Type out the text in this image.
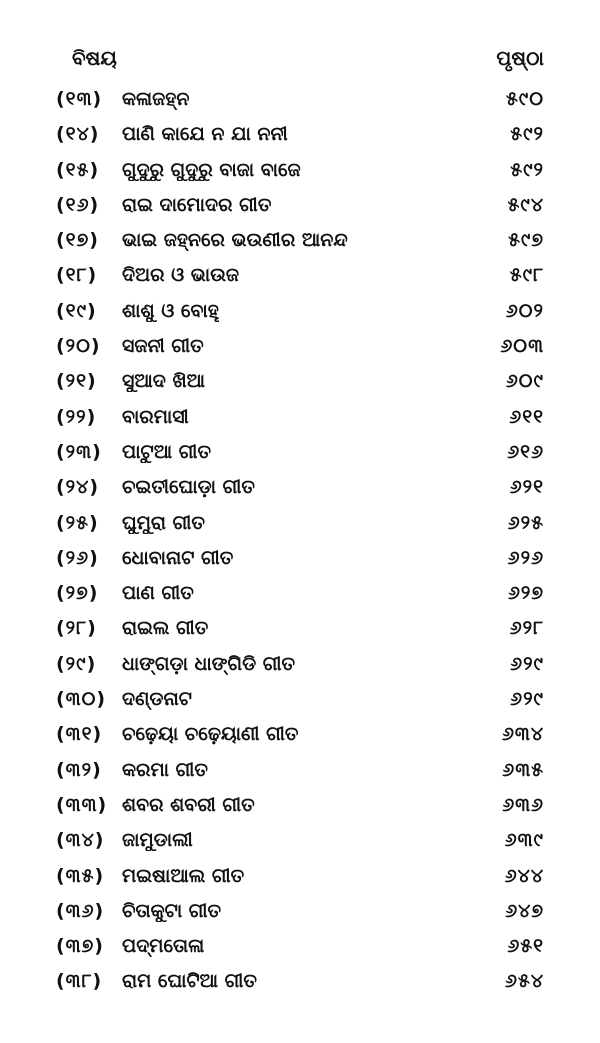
ବିଷୟ	ପୃଷ୍ଠା
(୧୩) କଳାଜହ୍ନ	୫୯୦
(୧୪) ପାଣି କାଯେ ନ ଯା ନନୀ	୫୯୨
(୧୫) ଗୁଦୁରୁ ଗୁଦୁରୁ ବାଜା ବାଜେ	୫୯୨
(୧୬) ରାଇ ଦାମୋଦର ଗୀତ	୫୯୪
(୧୭) ଭାଇ ଜହ୍ନରେ ଭଉଣୀର ଆନନ୍ଦ	୫୯୭
(୧୮) ଦିଅର ଓ ଭାଉଜ	୫୯୮
(୧୯) ଶାଶୁ ଓ ବୋହୂ	୬୦୨
(୨୦) ସଜନୀ ଗୀତ	୬୦୩
(୨୧) ସୁଆଦ ଖିଆ	୬୦୯
(୨୨) ବାରମାସୀ	୬୧୧
(୨୩) ପାଟୁଆ ଗୀତ	୬୧୬
(୨୪) ଚଇତୀଘୋଡ଼ା ଗୀତ	୬୨୧
(୨୫) ଘୁମୁରା ଗୀତ	୬୨୫
(୨୬) ଧୋବାନାଟ ଗୀତ	୬୨୬
(୨୭) ପାଣ ଗୀତ	୬୨୭
(୨୮) ରାଇଲ ଗୀତ	୬୨୮
(୨୯) ଧାଙ୍ଗଡ଼ା ଧାଙ୍ଗିଡି ଗୀତ	୬୨୯
(୩୦) ଦଣ୍ଡନାଟ	୬୨୯
(୩୧) ଚଢ଼େୟା ଚଢ଼େୟାଣୀ ଗୀତ	୬୩୪
(୩୨) କରମା ଗୀତ	୬୩୫
(୩୩) ଶବର ଶବରୀ ଗୀତ	୬୩୬
(୩୪) ଜାମୁଡାଲୀ	୬୩୯
(୩୫) ମଇଷାଆଲ ଗୀତ	୬୪୪
(୩୬) ଚିତାକୁଟା ଗୀତ	୬୪୭
(୩୭) ପଦ୍ମତୋଳା	୬୫୧
(୩୮) ରାମ ଘୋଟିଆ ଗୀତ	୬୫୪
